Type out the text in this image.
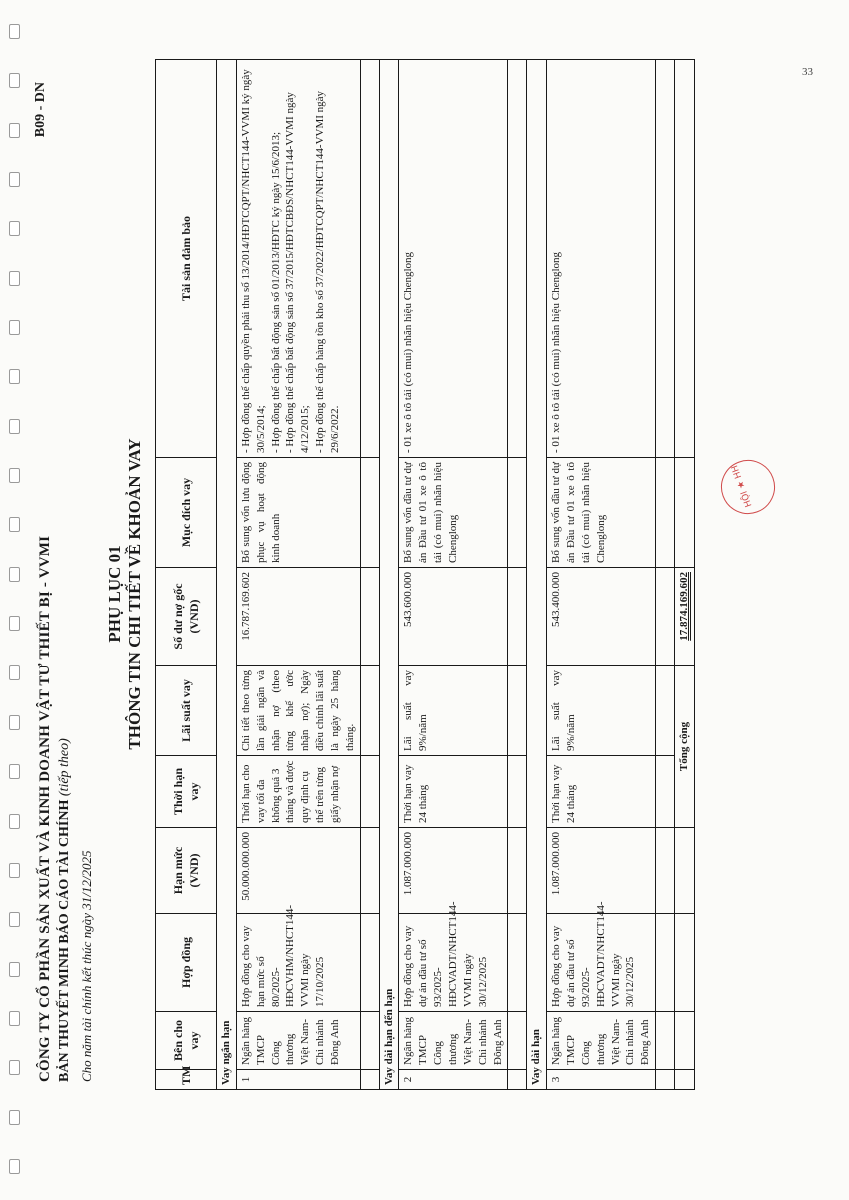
33
B09 - DN
CÔNG TY CỔ PHẦN SẢN XUẤT VÀ KINH DOANH VẬT TƯ THIẾT BỊ - VVMI BẢN THUYẾT MINH BÁO CÁO TÀI CHÍNH (tiếp theo)
Cho năm tài chính kết thúc ngày 31/12/2025
PHỤ LỤC 01 THÔNG TIN CHI TIẾT VỀ KHOẢN VAY
TM	Bên cho vay	Hợp đồng	Hạn mức (VND)	Thời hạn vay	Lãi suất vay	Số dư nợ gốc (VND)	Mục đích vay	Tài sản đảm bảo
Vay ngắn hạn								
1	Ngân hàng TMCP Công thương Việt Nam- Chi nhánh Đông Anh	Hợp đồng cho vay hạn mức số 80/2025-HĐCVHM/NHCT144-VVMI ngày 17/10/2025	50.000.000.000	Thời hạn cho vay tối đa không quá 3 tháng và được quy định cụ thể trên từng giấy nhận nợ	Chi tiết theo từng lần giải ngân và nhận nợ (theo từng khế ước nhận nợ); Ngày điều chỉnh lãi suất là ngày 25 hàng tháng.	16.787.169.602	Bổ sung vốn lưu động phục vụ hoạt động kinh doanh	- Hợp đồng thế chấp quyền phải thu số 13/2014/HĐTCQPT/NHCT144-VVMI ký ngày 30/5/2014; - Hợp đồng thế chấp bất động sản số 01/2013/HĐTC ký ngày 15/6/2013; - Hợp đồng thế chấp bất động sản số 37/2015/HĐTCBĐS/NHCT144-VVMI ngày 4/12/2015; - Hợp đồng thế chấp hàng tồn kho số 37/2022/HĐTCQPT/NHCT144-VVMI ngày 29/6/2022.

Vay dài hạn đến hạn								
2	Ngân hàng TMCP Công thương Việt Nam- Chi nhánh Đông Anh	Hợp đồng cho vay dự án đầu tư số 93/2025-HĐCVADT/NHCT144-VVMI ngày 30/12/2025	1.087.000.000	Thời hạn vay 24 tháng	Lãi suất vay 9%/năm	543.600.000	Bổ sung vốn đầu tư dự án Đầu tư 01 xe ô tô tải (có mui) nhãn hiệu Chenglong	- 01 xe ô tô tải (có mui) nhãn hiệu Chenglong

Vay dài hạn								
3	Ngân hàng TMCP Công thương Việt Nam- Chi nhánh Đông Anh	Hợp đồng cho vay dự án đầu tư số 93/2025-HĐCVADT/NHCT144-VVMI ngày 30/12/2025	1.087.000.000	Thời hạn vay 24 tháng	Lãi suất vay 9%/năm	543.400.000	Bổ sung vốn đầu tư dự án Đầu tư 01 xe ô tô tải (có mui) nhãn hiệu Chenglong	- 01 xe ô tô tải (có mui) nhãn hiệu Chenglong

				Tổng cộng		17.874.169.602		
HỘI ★ HH
